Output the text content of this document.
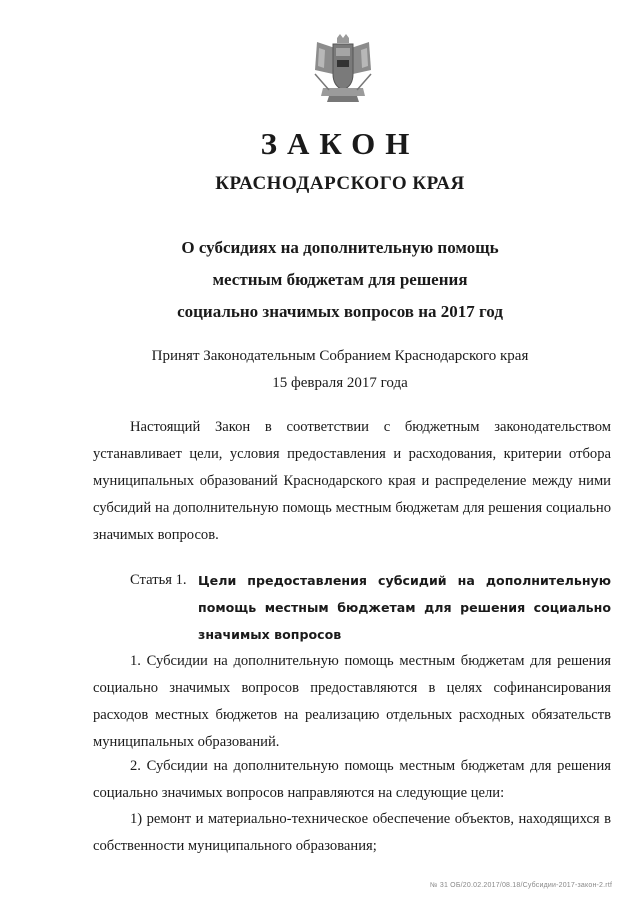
ЗАКОН
КРАСНОДАРСКОГО КРАЯ
О субсидиях на дополнительную помощь
местным бюджетам для решения
социально значимых вопросов на 2017 год
Принят Законодательным Собранием Краснодарского края
15 февраля 2017 года

Настоящий Закон в соответствии с бюджетным законодательством устанавливает цели, условия предоставления и расходования, критерии отбора муниципальных образований Краснодарского края и распределение между ними субсидий на дополнительную помощь местным бюджетам для решения социально значимых вопросов.

Статья 1. Цели предоставления субсидий на дополнительную помощь местным бюджетам для решения социально значимых вопросов

1. Субсидии на дополнительную помощь местным бюджетам для решения социально значимых вопросов предоставляются в целях софинансирования расходов местных бюджетов на реализацию отдельных расходных обязательств муниципальных образований.

2. Субсидии на дополнительную помощь местным бюджетам для решения социально значимых вопросов направляются на следующие цели:

1) ремонт и материально-техническое обеспечение объектов, находящихся в собственности муниципального образования;

№ 31 ОБ/20.02.2017/08.18/Субсидии-2017-закон-2.rtf
